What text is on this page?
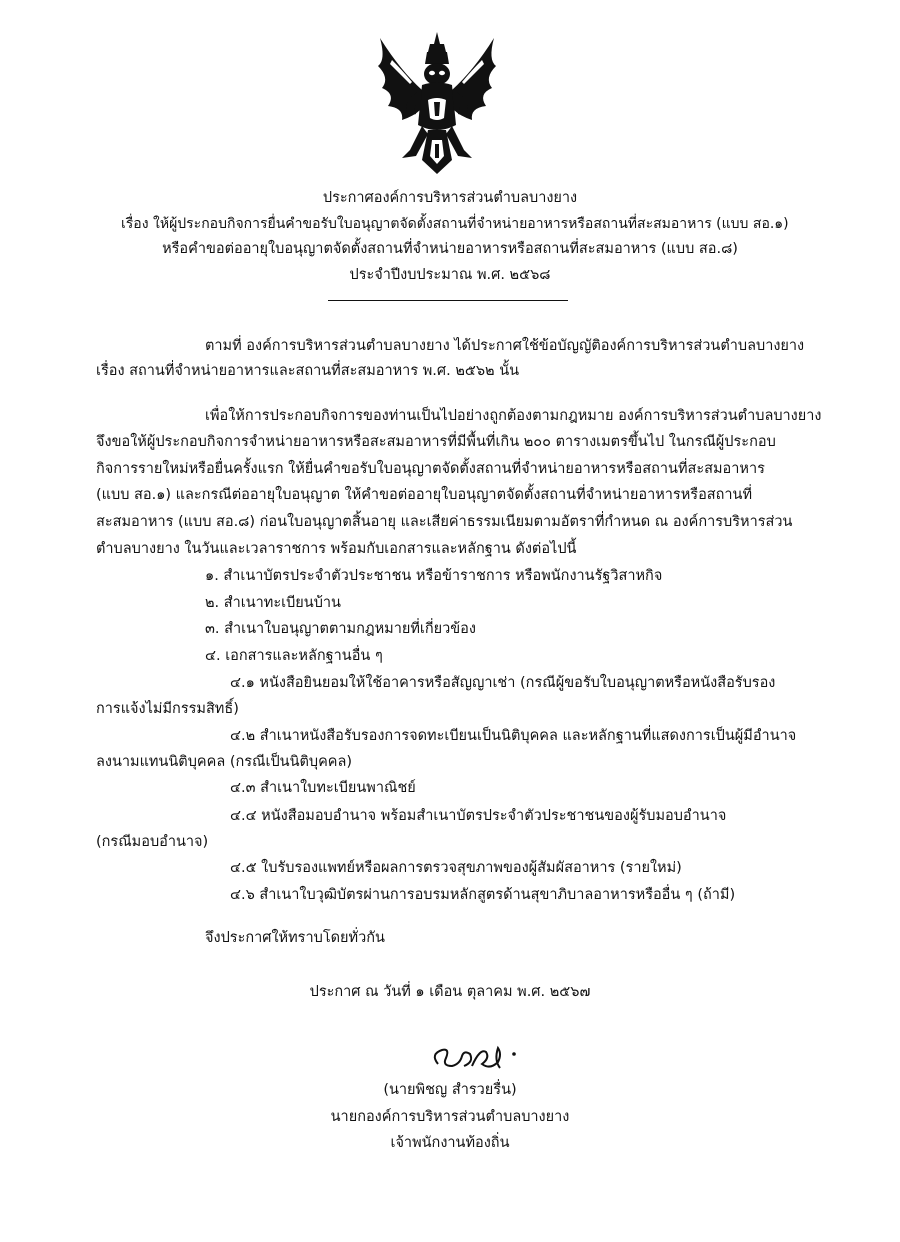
ประกาศองค์การบริหารส่วนตำบลบางยาง
เรื่อง ให้ผู้ประกอบกิจการยื่นคำขอรับใบอนุญาตจัดตั้งสถานที่จำหน่ายอาหารหรือสถานที่สะสมอาหาร (แบบ สอ.๑)
หรือคำขอต่ออายุใบอนุญาตจัดตั้งสถานที่จำหน่ายอาหารหรือสถานที่สะสมอาหาร (แบบ สอ.๘)
ประจำปีงบประมาณ พ.ศ. ๒๕๖๘
ตามที่ องค์การบริหารส่วนตำบลบางยาง ได้ประกาศใช้ข้อบัญญัติองค์การบริหารส่วนตำบลบางยาง
เรื่อง สถานที่จำหน่ายอาหารและสถานที่สะสมอาหาร พ.ศ. ๒๕๖๒ นั้น
เพื่อให้การประกอบกิจการของท่านเป็นไปอย่างถูกต้องตามกฎหมาย องค์การบริหารส่วนตำบลบางยาง
จึงขอให้ผู้ประกอบกิจการจำหน่ายอาหารหรือสะสมอาหารที่มีพื้นที่เกิน ๒๐๐ ตารางเมตรขึ้นไป ในกรณีผู้ประกอบ
กิจการรายใหม่หรือยื่นครั้งแรก ให้ยื่นคำขอรับใบอนุญาตจัดตั้งสถานที่จำหน่ายอาหารหรือสถานที่สะสมอาหาร
(แบบ สอ.๑) และกรณีต่ออายุใบอนุญาต ให้คำขอต่ออายุใบอนุญาตจัดตั้งสถานที่จำหน่ายอาหารหรือสถานที่
สะสมอาหาร (แบบ สอ.๘) ก่อนใบอนุญาตสิ้นอายุ และเสียค่าธรรมเนียมตามอัตราที่กำหนด ณ องค์การบริหารส่วน
ตำบลบางยาง ในวันและเวลาราชการ พร้อมกับเอกสารและหลักฐาน ดังต่อไปนี้
๑. สำเนาบัตรประจำตัวประชาชน หรือข้าราชการ หรือพนักงานรัฐวิสาหกิจ
๒. สำเนาทะเบียนบ้าน
๓. สำเนาใบอนุญาตตามกฎหมายที่เกี่ยวข้อง
๔. เอกสารและหลักฐานอื่น ๆ
๔.๑ หนังสือยินยอมให้ใช้อาคารหรือสัญญาเช่า (กรณีผู้ขอรับใบอนุญาตหรือหนังสือรับรอง
การแจ้งไม่มีกรรมสิทธิ์)
๔.๒ สำเนาหนังสือรับรองการจดทะเบียนเป็นนิติบุคคล และหลักฐานที่แสดงการเป็นผู้มีอำนาจ
ลงนามแทนนิติบุคคล (กรณีเป็นนิติบุคคล)
๔.๓ สำเนาใบทะเบียนพาณิชย์
๔.๔ หนังสือมอบอำนาจ พร้อมสำเนาบัตรประจำตัวประชาชนของผู้รับมอบอำนาจ
(กรณีมอบอำนาจ)
๔.๕ ใบรับรองแพทย์หรือผลการตรวจสุขภาพของผู้สัมผัสอาหาร (รายใหม่)
๔.๖ สำเนาใบวุฒิบัตรผ่านการอบรมหลักสูตรด้านสุขาภิบาลอาหารหรืออื่น ๆ (ถ้ามี)
จึงประกาศให้ทราบโดยทั่วกัน
ประกาศ ณ วันที่ ๑ เดือน ตุลาคม พ.ศ. ๒๕๖๗
(นายพิชญ สำรวยรื่น)
นายกองค์การบริหารส่วนตำบลบางยาง
เจ้าพนักงานท้องถิ่น
